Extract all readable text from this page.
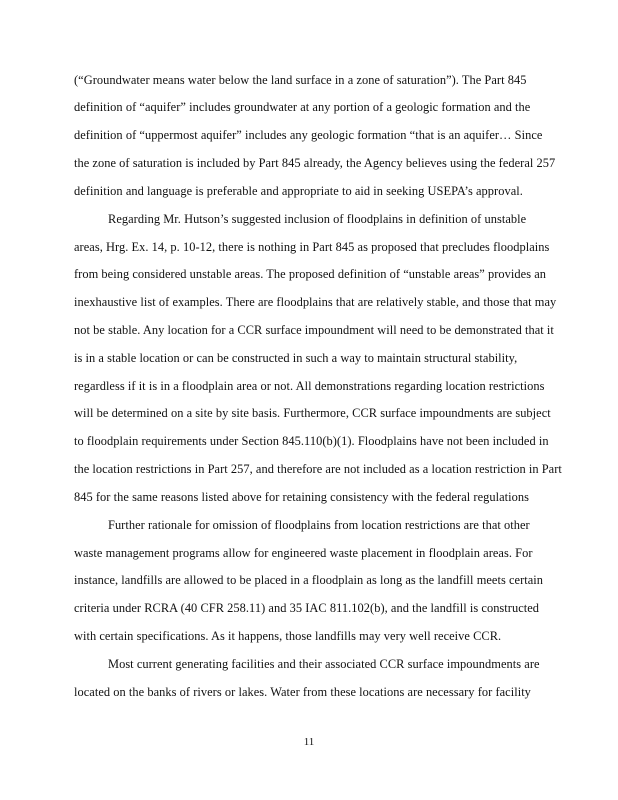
(“Groundwater means water below the land surface in a zone of saturation”). The Part 845
definition of “aquifer” includes groundwater at any portion of a geologic formation and the
definition of “uppermost aquifer” includes any geologic formation “that is an aquifer… Since
the zone of saturation is included by Part 845 already, the Agency believes using the federal 257
definition and language is preferable and appropriate to aid in seeking USEPA’s approval.
Regarding Mr. Hutson’s suggested inclusion of floodplains in definition of unstable
areas, Hrg. Ex. 14, p. 10-12, there is nothing in Part 845 as proposed that precludes floodplains
from being considered unstable areas. The proposed definition of “unstable areas” provides an
inexhaustive list of examples. There are floodplains that are relatively stable, and those that may
not be stable. Any location for a CCR surface impoundment will need to be demonstrated that it
is in a stable location or can be constructed in such a way to maintain structural stability,
regardless if it is in a floodplain area or not. All demonstrations regarding location restrictions
will be determined on a site by site basis. Furthermore, CCR surface impoundments are subject
to floodplain requirements under Section 845.110(b)(1). Floodplains have not been included in
the location restrictions in Part 257, and therefore are not included as a location restriction in Part
845 for the same reasons listed above for retaining consistency with the federal regulations
Further rationale for omission of floodplains from location restrictions are that other
waste management programs allow for engineered waste placement in floodplain areas. For
instance, landfills are allowed to be placed in a floodplain as long as the landfill meets certain
criteria under RCRA (40 CFR 258.11) and 35 IAC 811.102(b), and the landfill is constructed
with certain specifications. As it happens, those landfills may very well receive CCR.
Most current generating facilities and their associated CCR surface impoundments are
located on the banks of rivers or lakes. Water from these locations are necessary for facility
11
